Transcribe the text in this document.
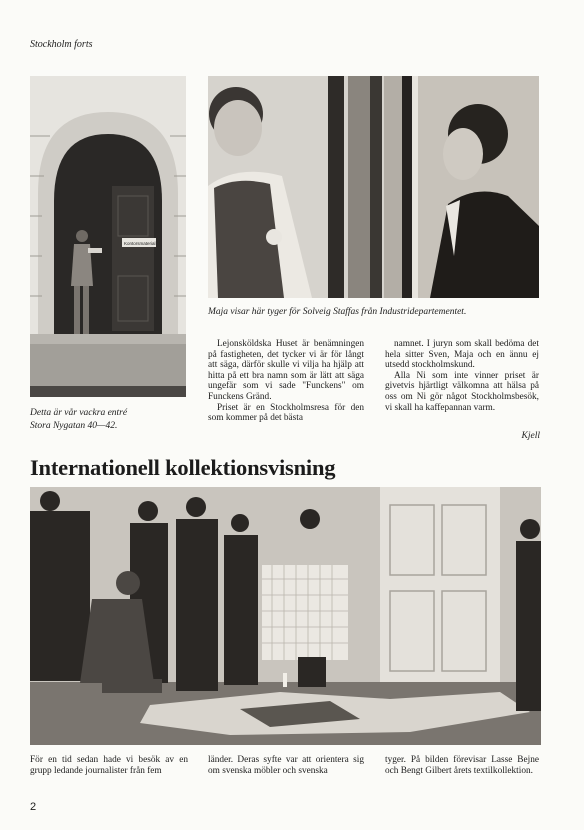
Stockholm forts
Kontorsmaterial
Detta är vår vackra entré
Stora Nygatan 40—42.
Maja visar här tyger för Solveig Staffas från Industridepartementet.

Lejonsköldska Huset är benämningen på fastigheten, det tycker vi är för långt att säga, därför skulle vi vilja ha hjälp att hitta på ett bra namn som är lätt att säga ungefär som vi sade "Funckens" om Funckens Gränd.

Priset är en Stockholmsresa för den som kommer på det bästa

namnet. I juryn som skall bedöma det hela sitter Sven, Maja och en ännu ej utsedd stockholmskund.

Alla Ni som inte vinner priset är givetvis hjärtligt välkomna att hälsa på oss om Ni gör något Stockholmsbesök, vi skall ha kaffepannan varm.

Kjell
Internationell kollektionsvisning
För en tid sedan hade vi besök av en grupp ledande journalister från fem
länder. Deras syfte var att orientera sig om svenska möbler och svenska
tyger. På bilden förevisar Lasse Bejne och Bengt Gilbert årets textilkollektion.
2
